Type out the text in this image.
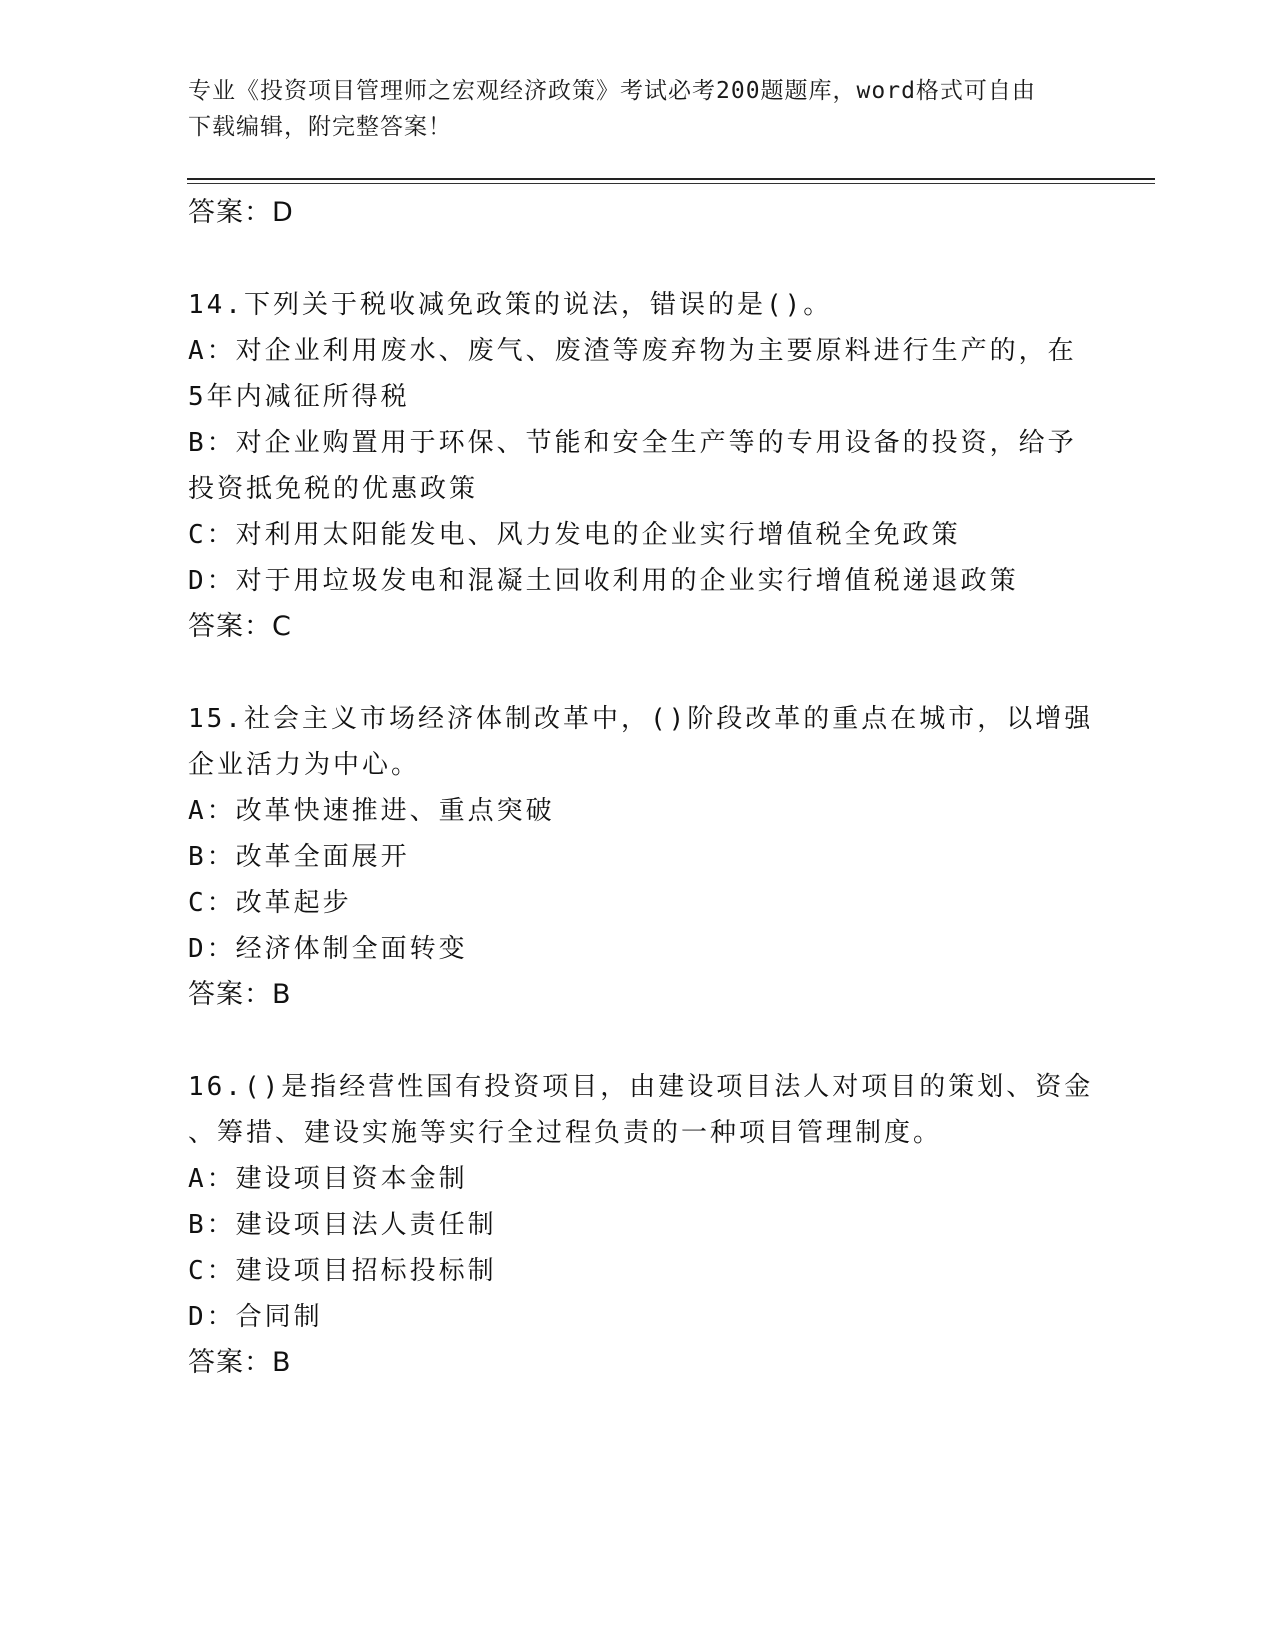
专业《投资项目管理师之宏观经济政策》考试必考200题题库，word格式可自由
下载编辑，附完整答案！
答案：D
14.下列关于税收减免政策的说法，错误的是()。
A：对企业利用废水、废气、废渣等废弃物为主要原料进行生产的，在
5年内减征所得税
B：对企业购置用于环保、节能和安全生产等的专用设备的投资，给予
投资抵免税的优惠政策
C：对利用太阳能发电、风力发电的企业实行增值税全免政策
D：对于用垃圾发电和混凝土回收利用的企业实行增值税递退政策
答案：C
15.社会主义市场经济体制改革中，()阶段改革的重点在城市，以增强
企业活力为中心。
A：改革快速推进、重点突破
B：改革全面展开
C：改革起步
D：经济体制全面转变
答案：B
16.()是指经营性国有投资项目，由建设项目法人对项目的策划、资金
、筹措、建设实施等实行全过程负责的一种项目管理制度。
A：建设项目资本金制
B：建设项目法人责任制
C：建设项目招标投标制
D：合同制
答案：B
